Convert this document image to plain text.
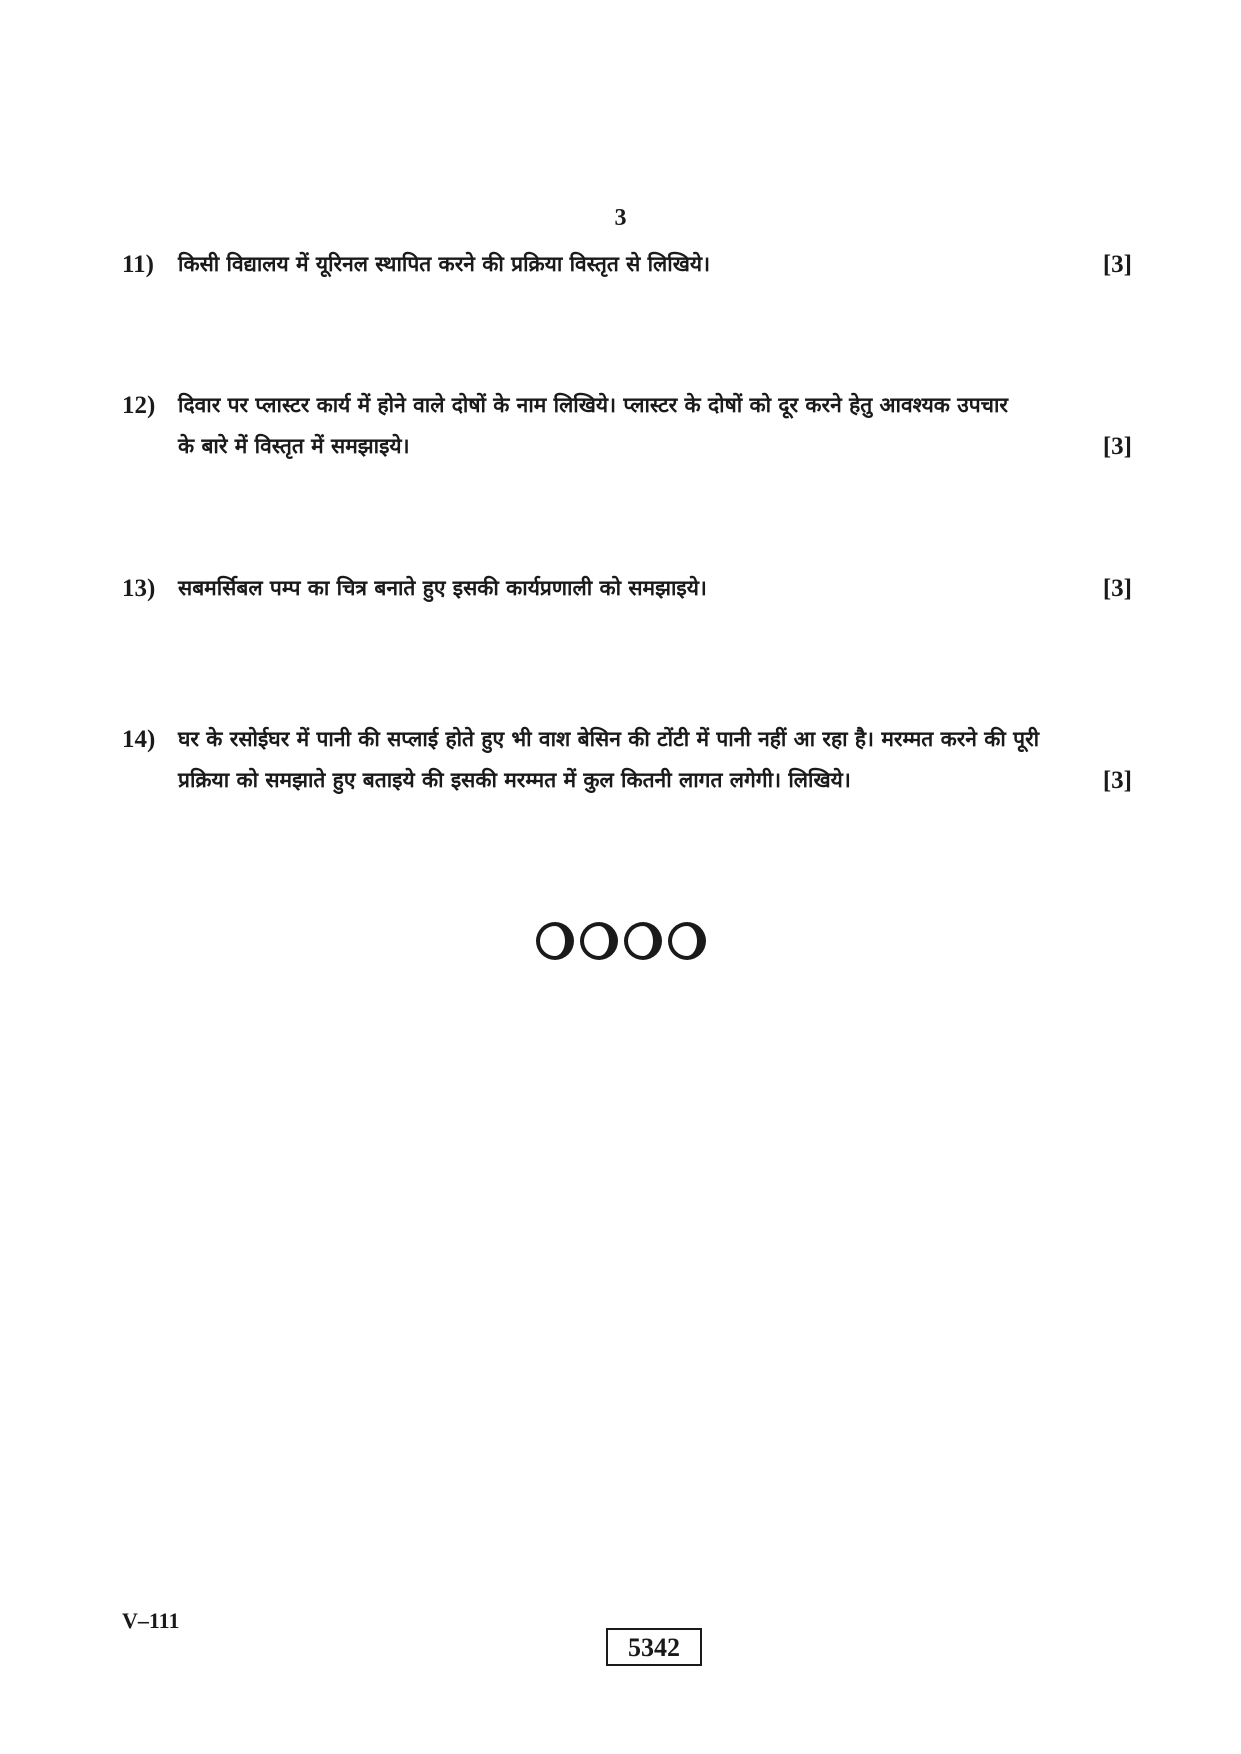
3
11) किसी विद्यालय में यूरिनल स्थापित करने की प्रक्रिया विस्तृत से लिखिये।	[3]
12) दिवार पर प्लास्टर कार्य में होने वाले दोषों के नाम लिखिये। प्लास्टर के दोषों को दूर करने हेतु आवश्यक उपचार
के बारे में विस्तृत में समझाइये।	[3]
13) सबमर्सिबल पम्प का चित्र बनाते हुए इसकी कार्यप्रणाली को समझाइये।	[3]
14) घर के रसोईघर में पानी की सप्लाई होते हुए भी वाश बेसिन की टोंटी में पानी नहीं आ रहा है। मरम्मत करने की पूरी
प्रक्रिया को समझाते हुए बताइये की इसकी मरम्मत में कुल कितनी लागत लगेगी। लिखिये।	[3]
V–111
5342
